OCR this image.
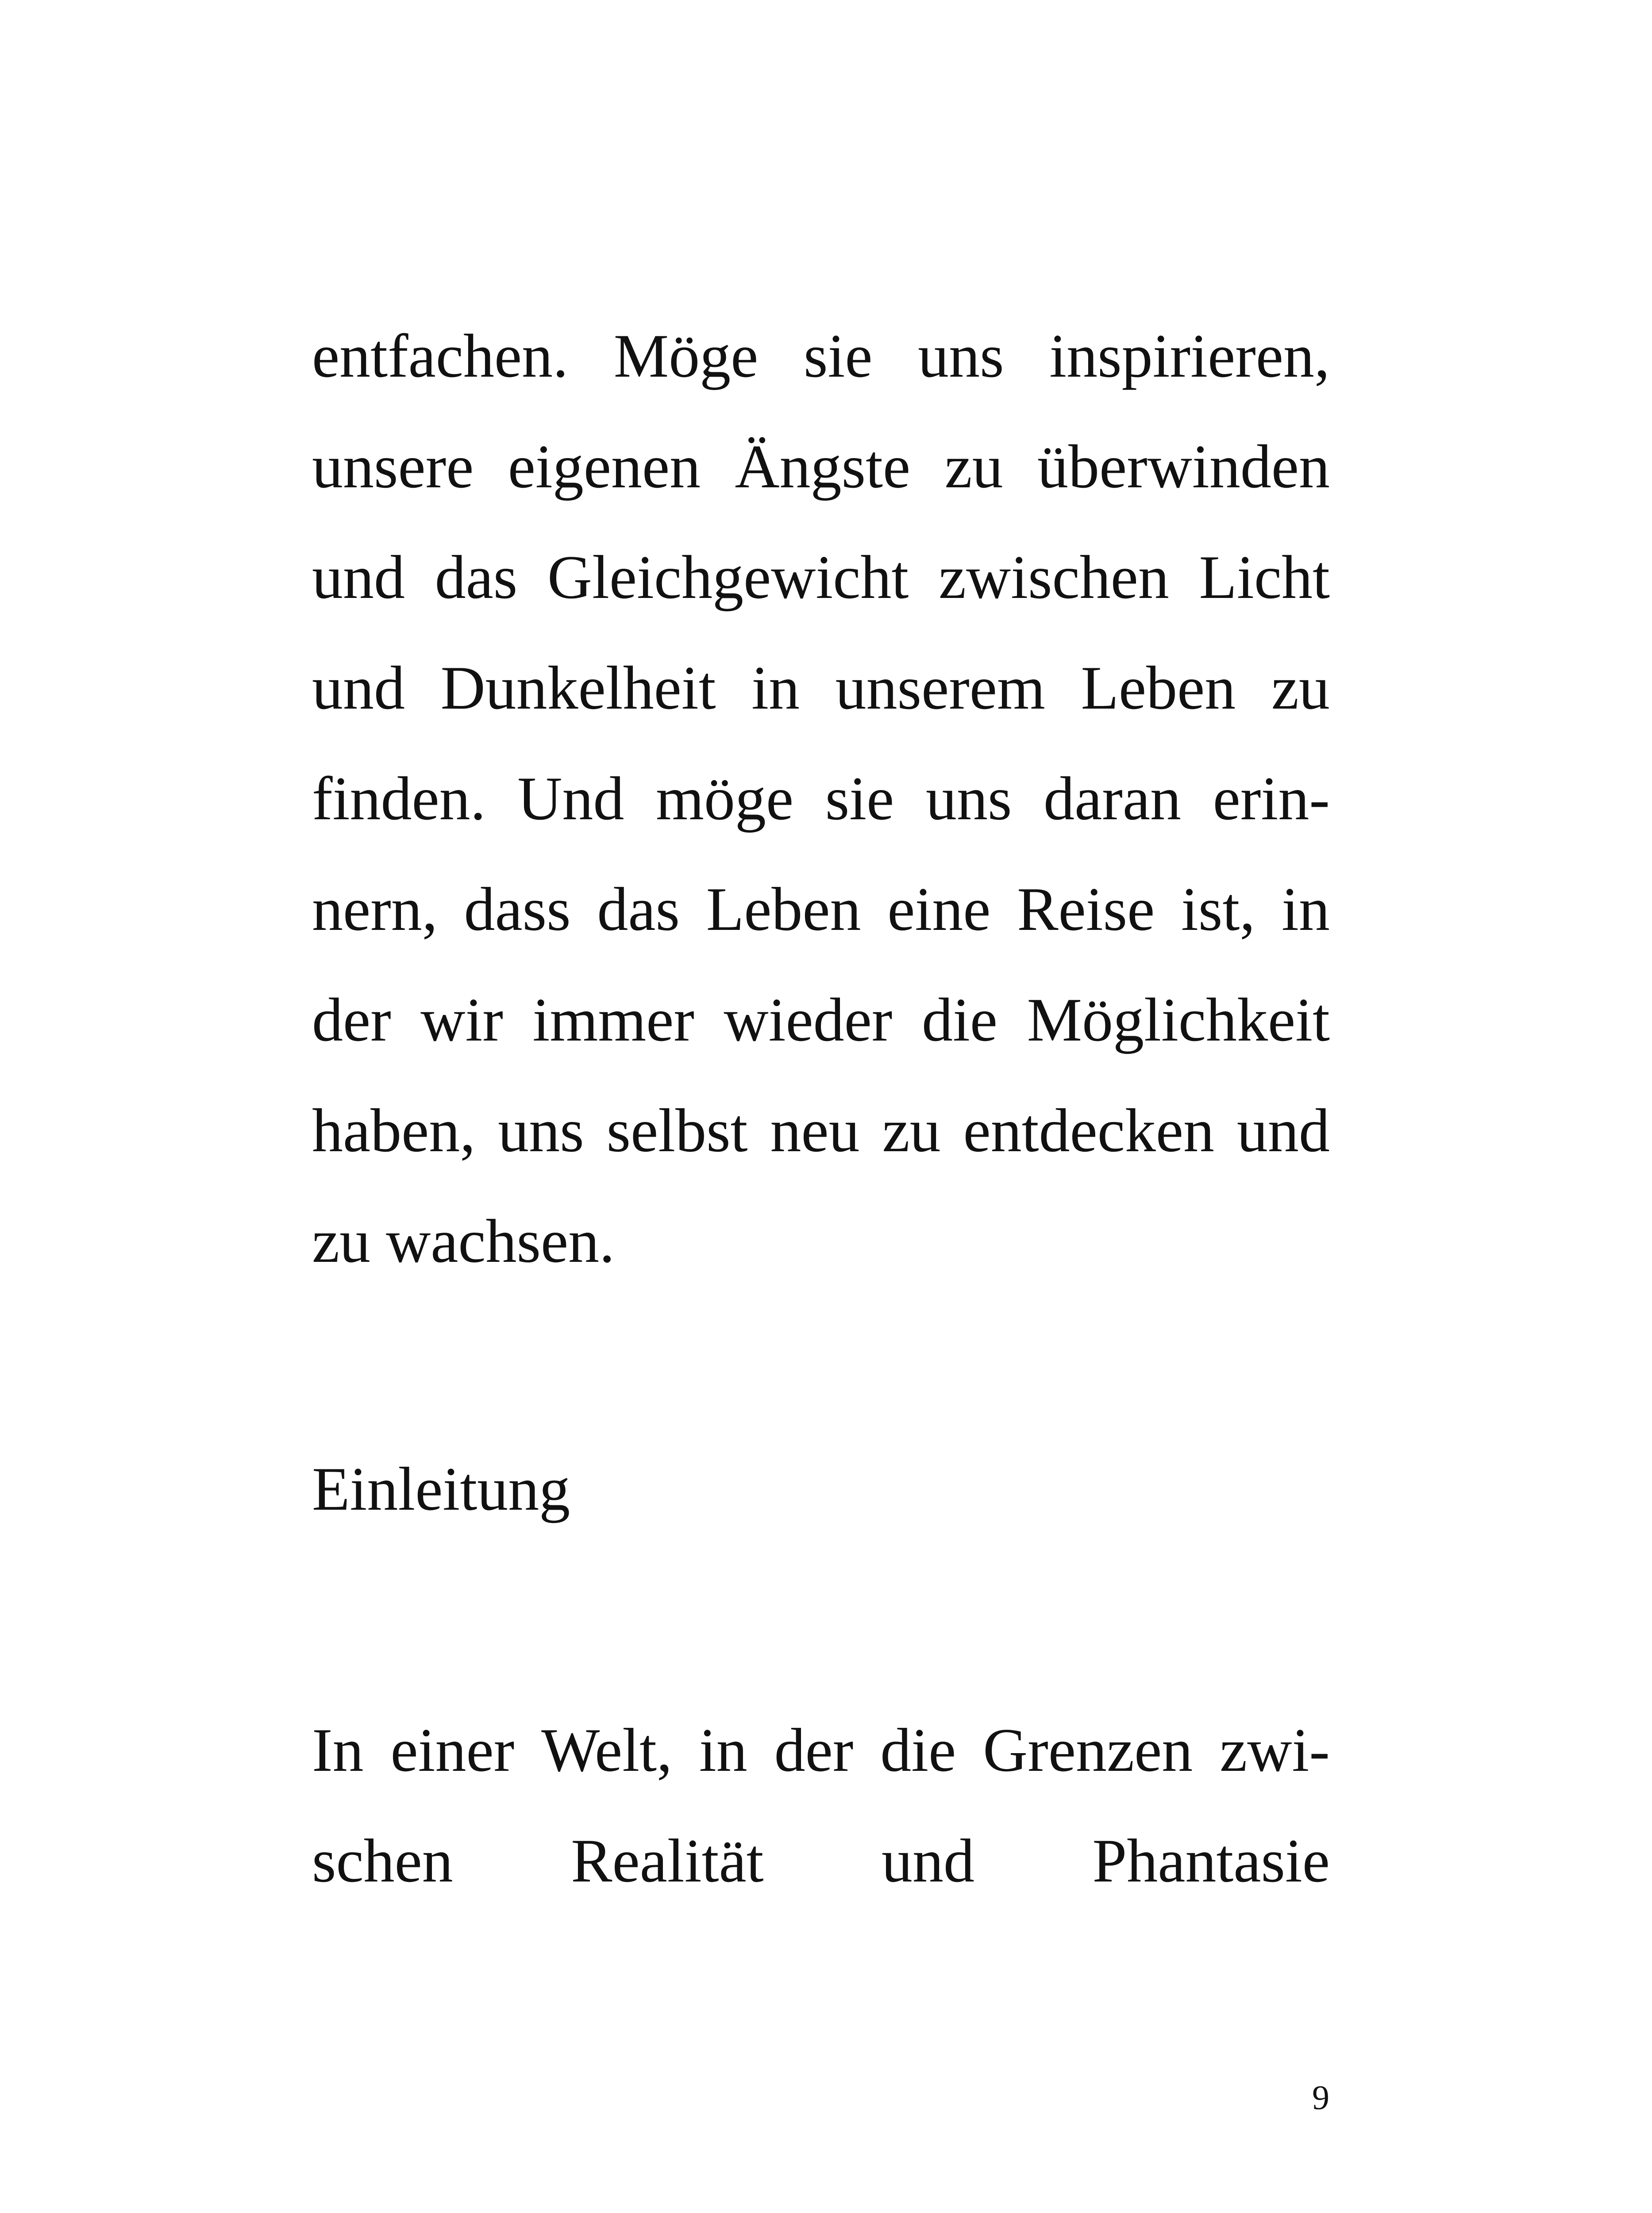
entfachen. Möge sie uns inspirieren,
unsere eigenen Ängste zu überwinden
und das Gleichgewicht zwischen Licht
und Dunkelheit in unserem Leben zu
finden. Und möge sie uns daran erin-
nern, dass das Leben eine Reise ist, in
der wir immer wieder die Möglichkeit
haben, uns selbst neu zu entdecken und
zu wachsen.
Einleitung
In einer Welt, in der die Grenzen zwi-
schen Realität und Phantasie
9
